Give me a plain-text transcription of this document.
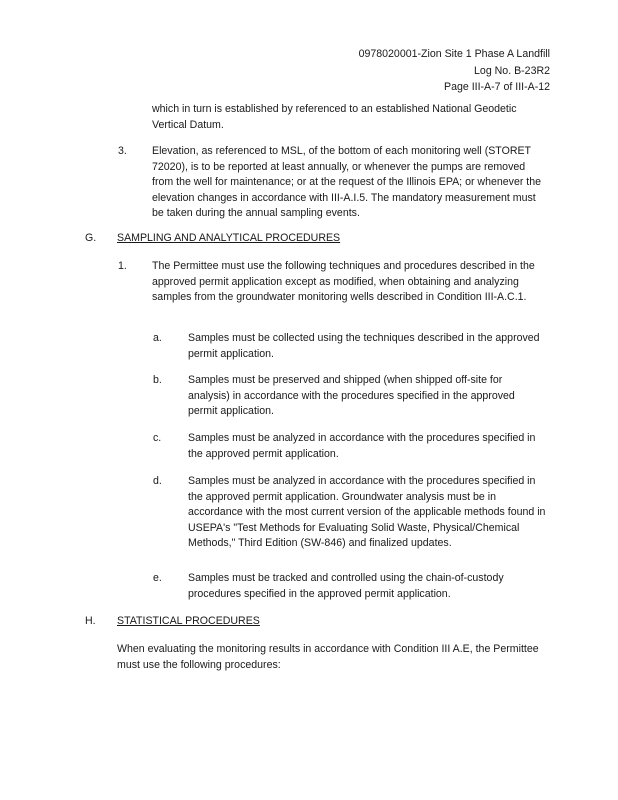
0978020001-Zion Site 1 Phase A Landfill
Log No. B-23R2
Page III-A-7 of III-A-12
which in turn is established by referenced to an established National Geodetic Vertical Datum.
3. Elevation, as referenced to MSL, of the bottom of each monitoring well (STORET 72020), is to be reported at least annually, or whenever the pumps are removed from the well for maintenance; or at the request of the Illinois EPA; or whenever the elevation changes in accordance with III-A.I.5. The mandatory measurement must be taken during the annual sampling events.
G. SAMPLING AND ANALYTICAL PROCEDURES
1. The Permittee must use the following techniques and procedures described in the approved permit application except as modified, when obtaining and analyzing samples from the groundwater monitoring wells described in Condition III-A.C.1.
a. Samples must be collected using the techniques described in the approved permit application.
b. Samples must be preserved and shipped (when shipped off-site for analysis) in accordance with the procedures specified in the approved permit application.
c.	Samples must be analyzed in accordance with the procedures specified in the approved permit application.
d. Samples must be analyzed in accordance with the procedures specified in the approved permit application. Groundwater analysis must be in accordance with the most current version of the applicable methods found in USEPA's "Test Methods for Evaluating Solid Waste, Physical/Chemical Methods," Third Edition (SW-846) and finalized updates.
e. Samples must be tracked and controlled using the chain-of-custody procedures specified in the approved permit application.
H. STATISTICAL PROCEDURES
When evaluating the monitoring results in accordance with Condition III A.E, the Permittee must use the following procedures:
